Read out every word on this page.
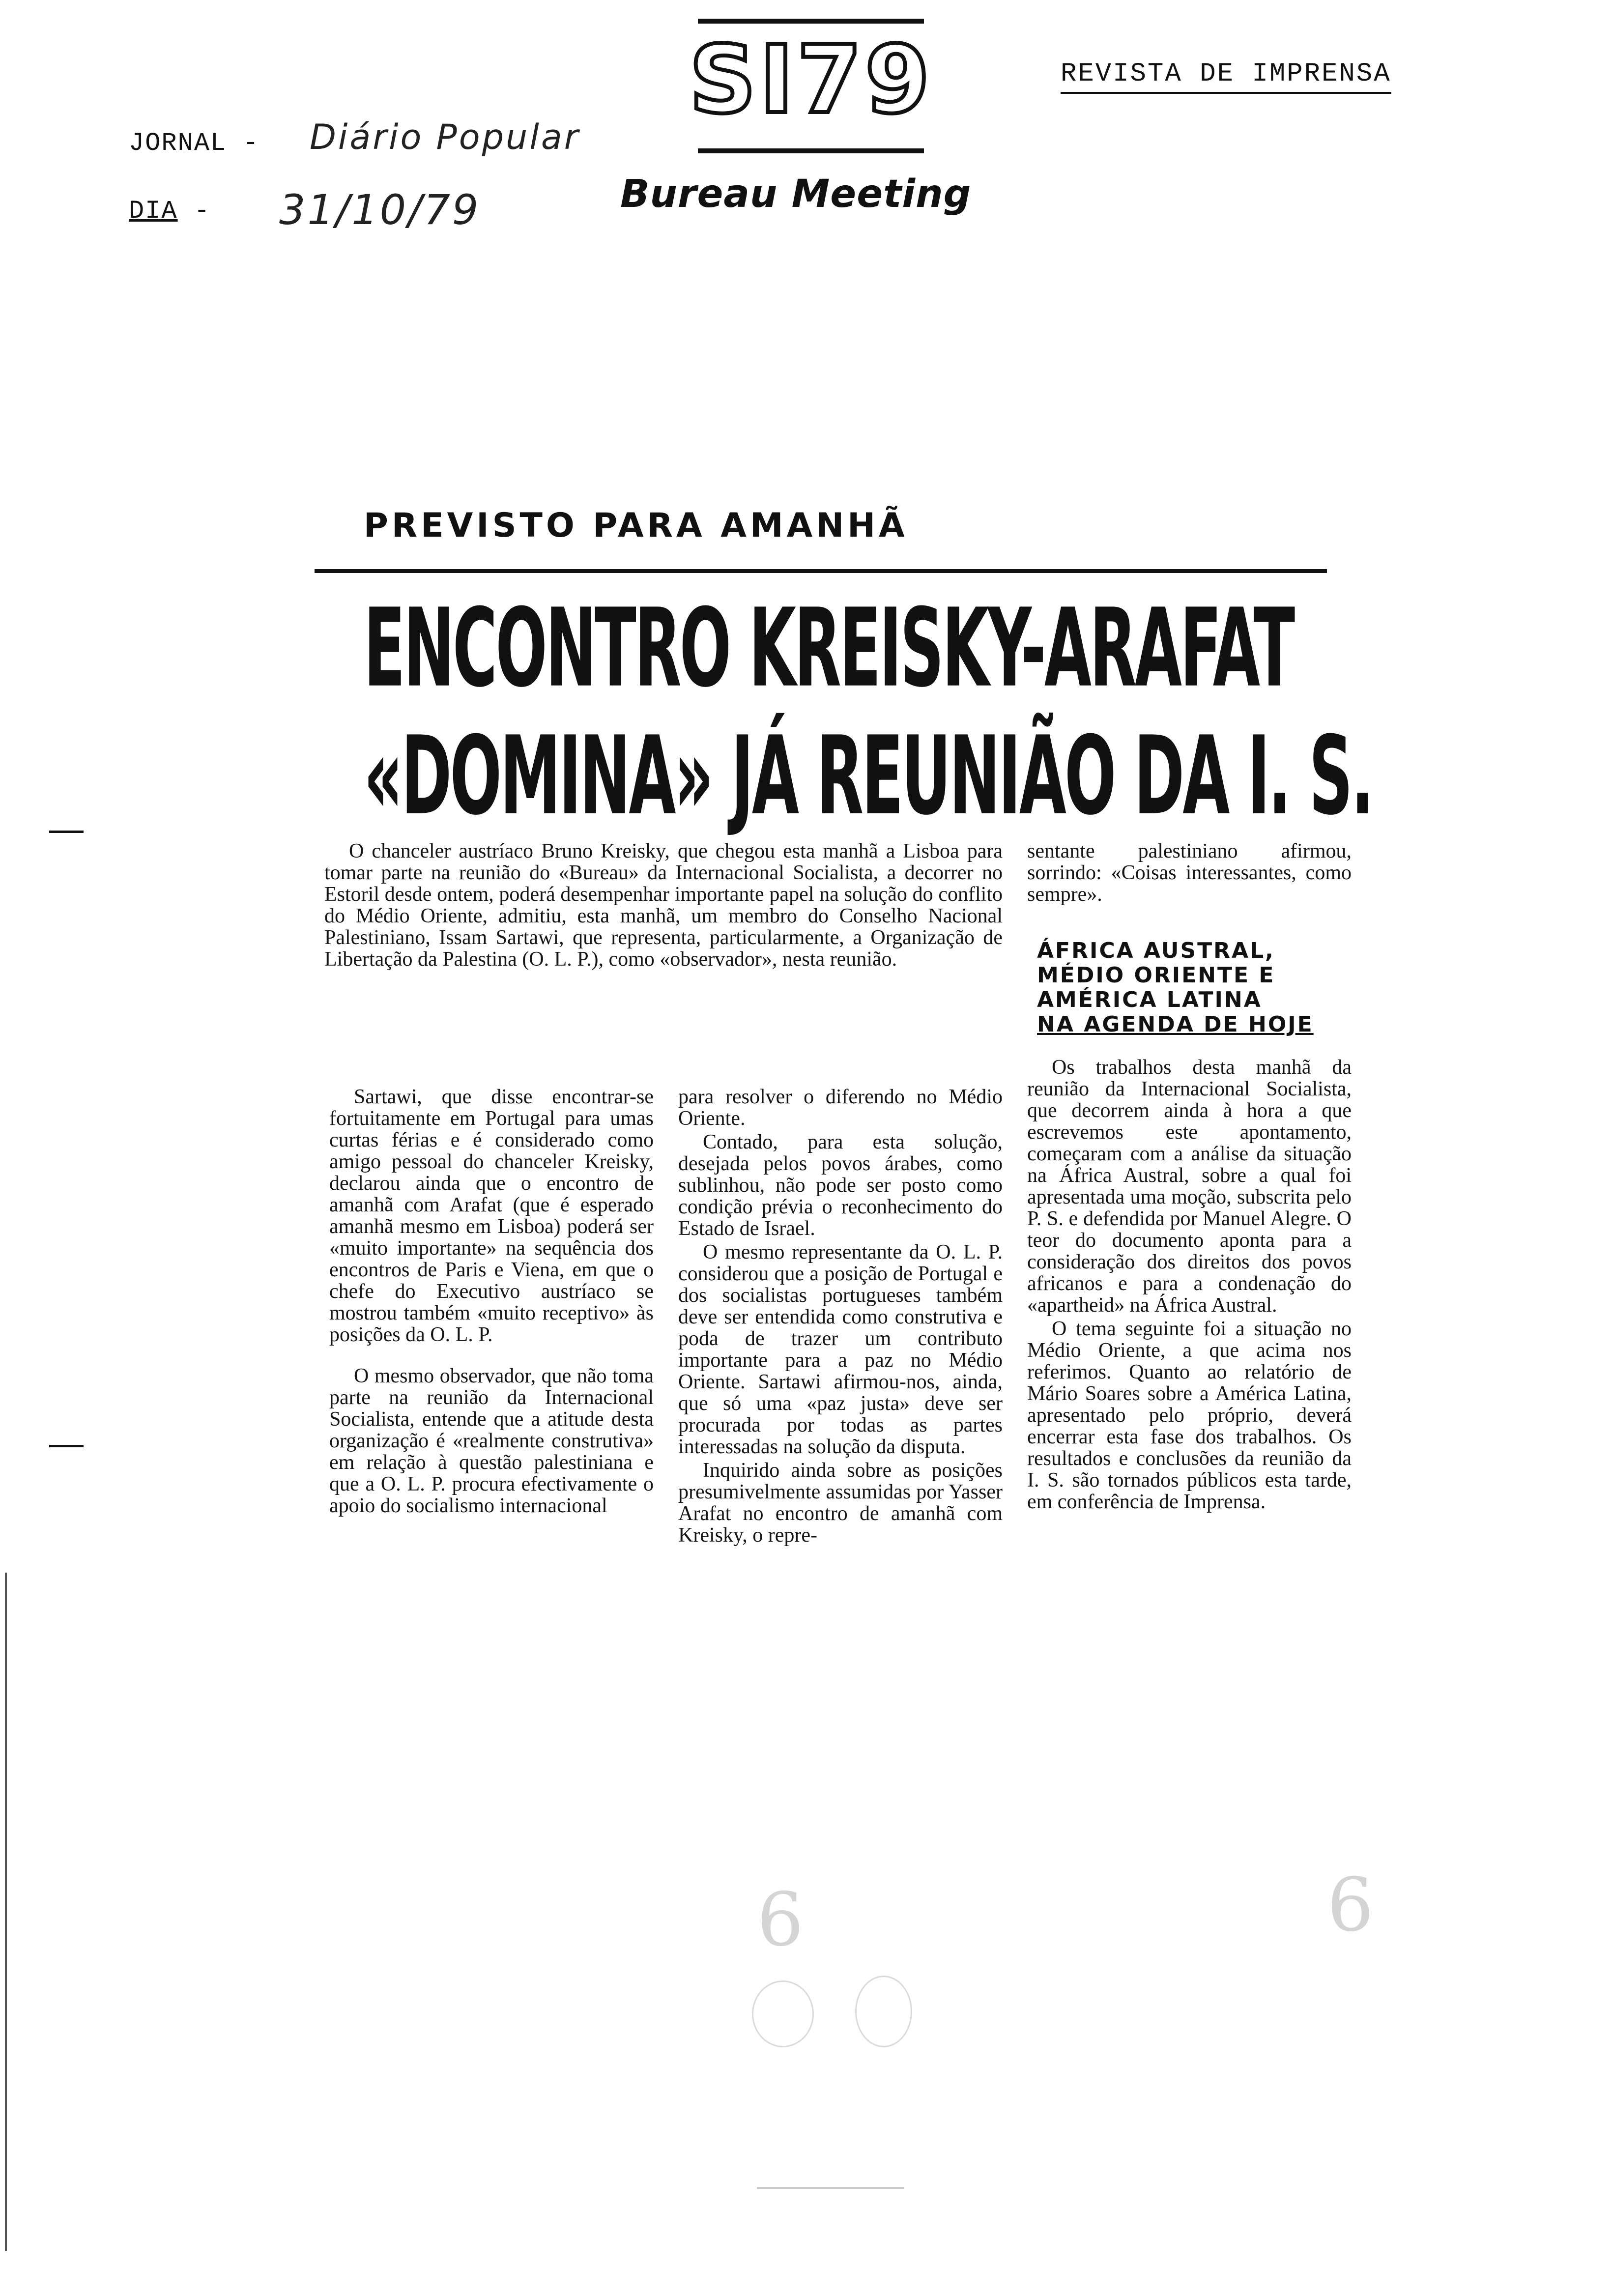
JORNAL - Diário Popular
DIA - 31/10/79
SI79
Bureau Meeting
REVISTA DE IMPRENSA
PREVISTO PARA AMANHÃ
ENCONTRO KREISKY-ARAFAT
«DOMINA» JÁ REUNIÃO DA I. S.

O chanceler austríaco Bruno Kreisky, que chegou esta manhã a Lisboa para tomar parte na reunião do «Bureau» da Internacional Socialista, a decorrer no Estoril desde ontem, poderá desempenhar importante papel na solução do conflito do Médio Oriente, admitiu, esta manhã, um membro do Conselho Nacional Palestiniano, Issam Sartawi, que representa, particularmente, a Organização de Libertação da Palestina (O. L. P.), como «observador», nesta reunião.

Sartawi, que disse encontrar-se fortuitamente em Portugal para umas curtas férias e é considerado como amigo pessoal do chanceler Kreisky, declarou ainda que o encontro de amanhã com Arafat (que é esperado amanhã mesmo em Lisboa) poderá ser «muito importante» na sequência dos encontros de Paris e Viena, em que o chefe do Executivo austríaco se mostrou também «muito receptivo» às posições da O. L. P.

O mesmo observador, que não toma parte na reunião da Internacional Socialista, entende que a atitude desta organização é «realmente construtiva» em relação à questão palestiniana e que a O. L. P. procura efectivamente o apoio do socialismo internacional

para resolver o diferendo no Médio Oriente.

Contado, para esta solução, desejada pelos povos árabes, como sublinhou, não pode ser posto como condição prévia o reconhecimento do Estado de Israel.

O mesmo representante da O. L. P. considerou que a posição de Portugal e dos socialistas portugueses também deve ser entendida como construtiva e poda de trazer um contributo importante para a paz no Médio Oriente. Sartawi afirmou-nos, ainda, que só uma «paz justa» deve ser procurada por todas as partes interessadas na solução da disputa.

Inquirido ainda sobre as posições presumivelmente assumidas por Yasser Arafat no encontro de amanhã com Kreisky, o repre-

sentante palestiniano afirmou, sorrindo: «Coisas interessantes, como sempre».

ÁFRICA AUSTRAL,
MÉDIO ORIENTE E
AMÉRICA LATINA
NA AGENDA DE HOJE

Os trabalhos desta manhã da reunião da Internacional Socialista, que decorrem ainda à hora a que escrevemos este apontamento, começaram com a análise da situação na África Austral, sobre a qual foi apresentada uma moção, subscrita pelo P. S. e defendida por Manuel Alegre. O teor do documento aponta para a consideração dos direitos dos povos africanos e para a condenação do «apartheid» na África Austral.

O tema seguinte foi a situação no Médio Oriente, a que acima nos referimos. Quanto ao relatório de Mário Soares sobre a América Latina, apresentado pelo próprio, deverá encerrar esta fase dos trabalhos. Os resultados e conclusões da reunião da I. S. são tornados públicos esta tarde, em conferência de Imprensa.

6	6
